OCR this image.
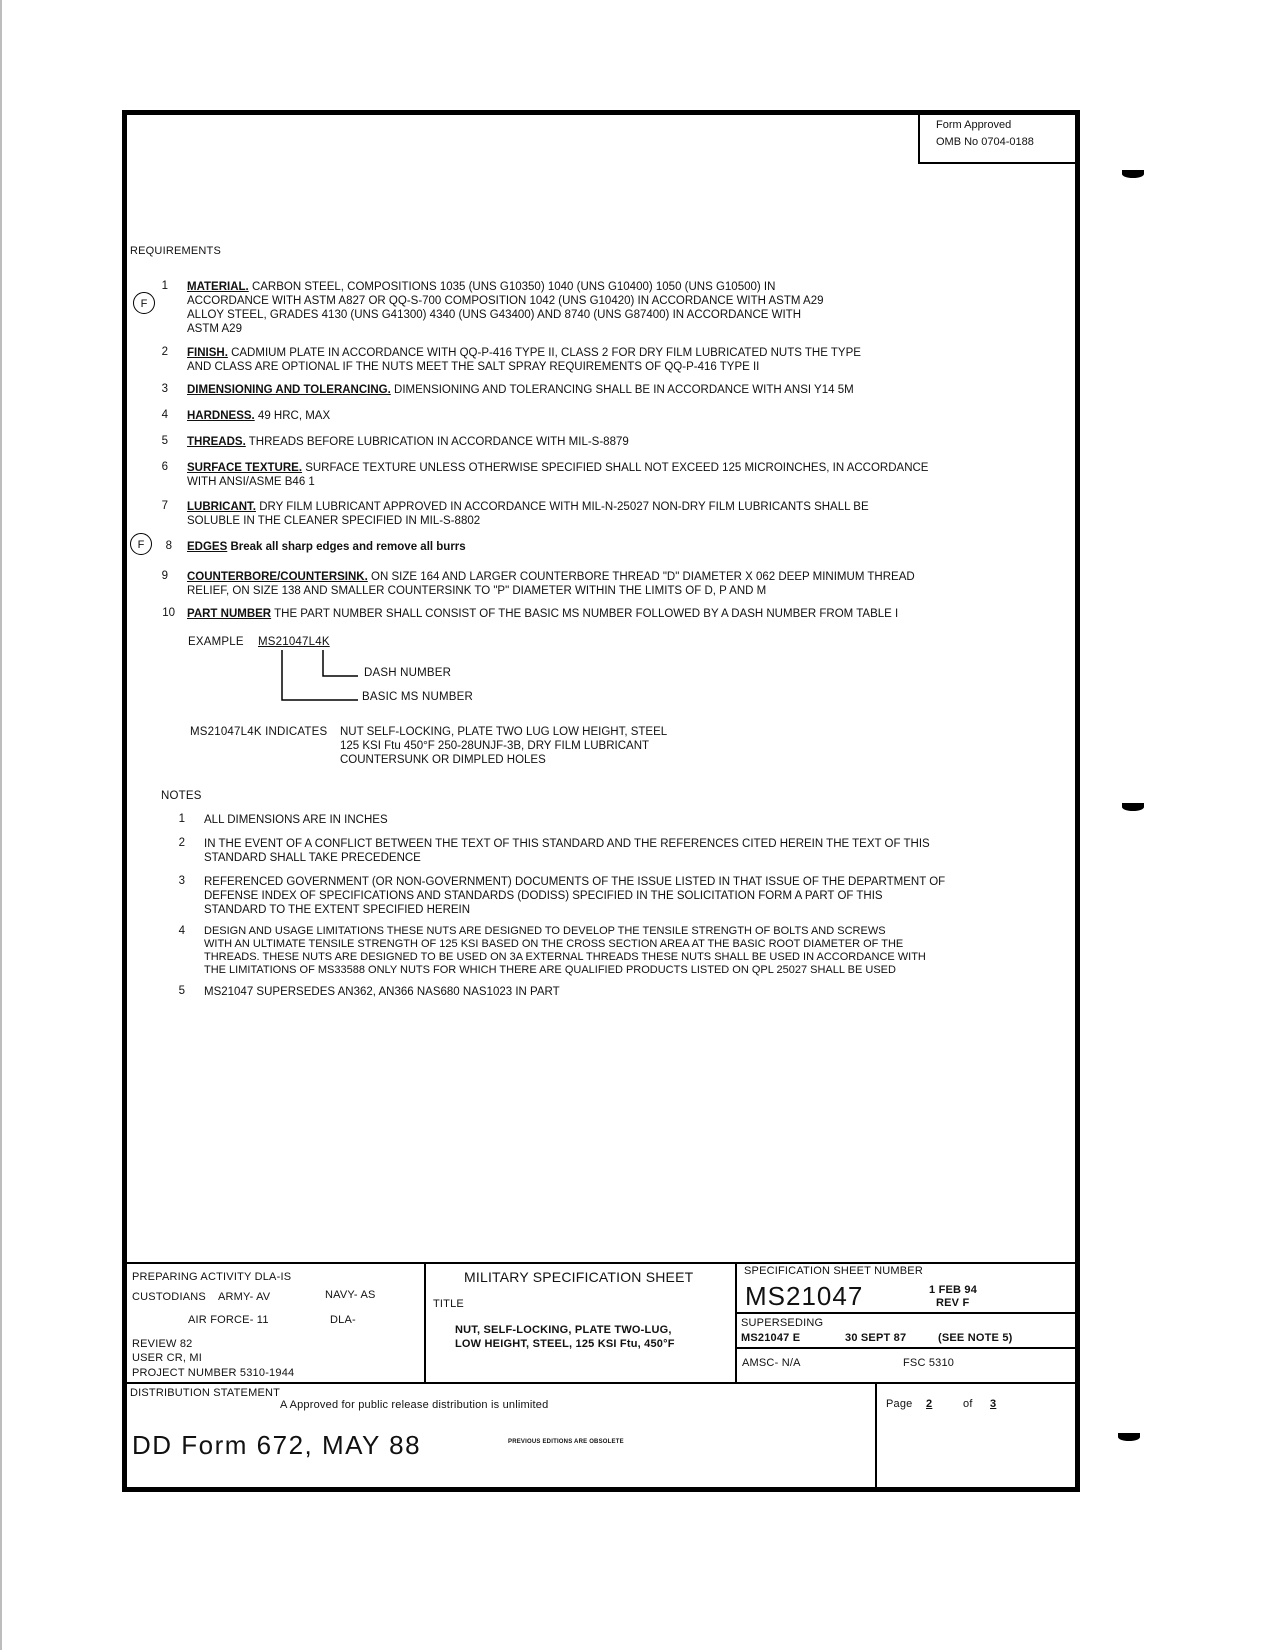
Form Approved
OMB No 0704-0188
REQUIREMENTS
F
F
1 MATERIAL. CARBON STEEL, COMPOSITIONS 1035 (UNS G10350) 1040 (UNS G10400) 1050 (UNS G10500) IN
ACCORDANCE WITH ASTM A827 OR QQ-S-700 COMPOSITION 1042 (UNS G10420) IN ACCORDANCE WITH ASTM A29
ALLOY STEEL, GRADES 4130 (UNS G41300) 4340 (UNS G43400) AND 8740 (UNS G87400) IN ACCORDANCE WITH
ASTM A29
2 FINISH. CADMIUM PLATE IN ACCORDANCE WITH QQ-P-416 TYPE II, CLASS 2 FOR DRY FILM LUBRICATED NUTS THE TYPE
AND CLASS ARE OPTIONAL IF THE NUTS MEET THE SALT SPRAY REQUIREMENTS OF QQ-P-416 TYPE II
3 DIMENSIONING AND TOLERANCING. DIMENSIONING AND TOLERANCING SHALL BE IN ACCORDANCE WITH ANSI Y14 5M
4 HARDNESS. 49 HRC, MAX
5 THREADS. THREADS BEFORE LUBRICATION IN ACCORDANCE WITH MIL-S-8879
6 SURFACE TEXTURE. SURFACE TEXTURE UNLESS OTHERWISE SPECIFIED SHALL NOT EXCEED 125 MICROINCHES, IN ACCORDANCE
WITH ANSI/ASME B46 1
7 LUBRICANT. DRY FILM LUBRICANT APPROVED IN ACCORDANCE WITH MIL-N-25027 NON-DRY FILM LUBRICANTS SHALL BE
SOLUBLE IN THE CLEANER SPECIFIED IN MIL-S-8802
8 EDGES Break all sharp edges and remove all burrs
9 COUNTERBORE/COUNTERSINK. ON SIZE 164 AND LARGER COUNTERBORE THREAD "D" DIAMETER X 062 DEEP MINIMUM THREAD
RELIEF, ON SIZE 138 AND SMALLER COUNTERSINK TO "P" DIAMETER WITHIN THE LIMITS OF D, P AND M
10 PART NUMBER THE PART NUMBER SHALL CONSIST OF THE BASIC MS NUMBER FOLLOWED BY A DASH NUMBER FROM TABLE I
EXAMPLE MS21047L4K
DASH NUMBER
BASIC MS NUMBER
MS21047L4K INDICATES NUT SELF-LOCKING, PLATE TWO LUG LOW HEIGHT, STEEL
125 KSI Ftu 450°F 250-28UNJF-3B, DRY FILM LUBRICANT
COUNTERSUNK OR DIMPLED HOLES
NOTES
1 ALL DIMENSIONS ARE IN INCHES
2 IN THE EVENT OF A CONFLICT BETWEEN THE TEXT OF THIS STANDARD AND THE REFERENCES CITED HEREIN THE TEXT OF THIS
STANDARD SHALL TAKE PRECEDENCE
3 REFERENCED GOVERNMENT (OR NON-GOVERNMENT) DOCUMENTS OF THE ISSUE LISTED IN THAT ISSUE OF THE DEPARTMENT OF
DEFENSE INDEX OF SPECIFICATIONS AND STANDARDS (DODISS) SPECIFIED IN THE SOLICITATION FORM A PART OF THIS
STANDARD TO THE EXTENT SPECIFIED HEREIN
4 DESIGN AND USAGE LIMITATIONS THESE NUTS ARE DESIGNED TO DEVELOP THE TENSILE STRENGTH OF BOLTS AND SCREWS
WITH AN ULTIMATE TENSILE STRENGTH OF 125 KSI BASED ON THE CROSS SECTION AREA AT THE BASIC ROOT DIAMETER OF THE
THREADS. THESE NUTS ARE DESIGNED TO BE USED ON 3A EXTERNAL THREADS THESE NUTS SHALL BE USED IN ACCORDANCE WITH
THE LIMITATIONS OF MS33588 ONLY NUTS FOR WHICH THERE ARE QUALIFIED PRODUCTS LISTED ON QPL 25027 SHALL BE USED
5 MS21047 SUPERSEDES AN362, AN366 NAS680 NAS1023 IN PART
PREPARING ACTIVITY DLA-IS
CUSTODIANS ARMY- AV	NAVY- AS
AIR FORCE- 11	DLA-
REVIEW 82
USER CR, MI
PROJECT NUMBER 5310-1944
MILITARY SPECIFICATION SHEET
TITLE
NUT, SELF-LOCKING, PLATE TWO-LUG,
LOW HEIGHT, STEEL, 125 KSI Ftu, 450°F
SPECIFICATION SHEET NUMBER
MS21047	1 FEB 94
REV F
SUPERSEDING
MS21047 E	30 SEPT 87	(SEE NOTE 5)
AMSC- N/A	FSC 5310
DISTRIBUTION STATEMENT
A Approved for public release distribution is unlimited	Page 2	of 3
DD Form 672, MAY 88	PREVIOUS EDITIONS ARE OBSOLETE
